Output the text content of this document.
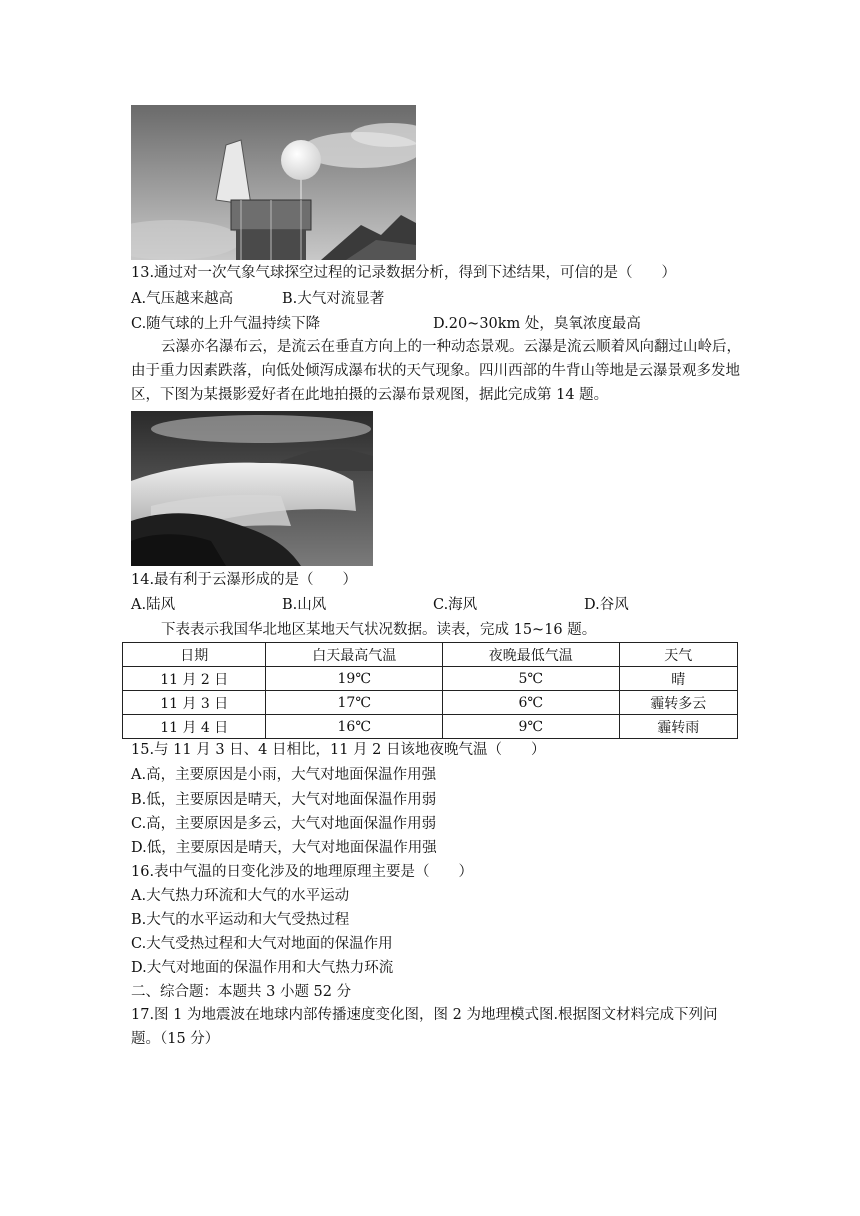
13.通过对一次气象气球探空过程的记录数据分析，得到下述结果，可信的是（　　）
A.气压越来越高	B.大气对流显著
C.随气球的上升气温持续下降	D.20~30km 处，臭氧浓度最高
云瀑亦名瀑布云，是流云在垂直方向上的一种动态景观。云瀑是流云顺着风向翻过山岭后，由于重力因素跌落，向低处倾泻成瀑布状的天气现象。四川西部的牛背山等地是云瀑景观多发地区，下图为某摄影爱好者在此地拍摄的云瀑布景观图，据此完成第 14 题。
14.最有利于云瀑形成的是（　　）
A.陆风	B.山风	C.海风	D.谷风
下表表示我国华北地区某地天气状况数据。读表，完成 15~16 题。
日期	白天最高气温	夜晚最低气温	天气
11 月 2 日	19℃	5℃	晴
11 月 3 日	17℃	6℃	霾转多云
11 月 4 日	16℃	9℃	霾转雨
15.与 11 月 3 日、4 日相比，11 月 2 日该地夜晚气温（　　）
A.高，主要原因是小雨，大气对地面保温作用强
B.低，主要原因是晴天，大气对地面保温作用弱
C.高，主要原因是多云，大气对地面保温作用弱
D.低，主要原因是晴天，大气对地面保温作用强
16.表中气温的日变化涉及的地理原理主要是（　　）
A.大气热力环流和大气的水平运动
B.大气的水平运动和大气受热过程
C.大气受热过程和大气对地面的保温作用
D.大气对地面的保温作用和大气热力环流
二、综合题：本题共 3 小题 52 分
17.图 1 为地震波在地球内部传播速度变化图，图 2 为地理模式图.根据图文材料完成下列问题。（15 分）
